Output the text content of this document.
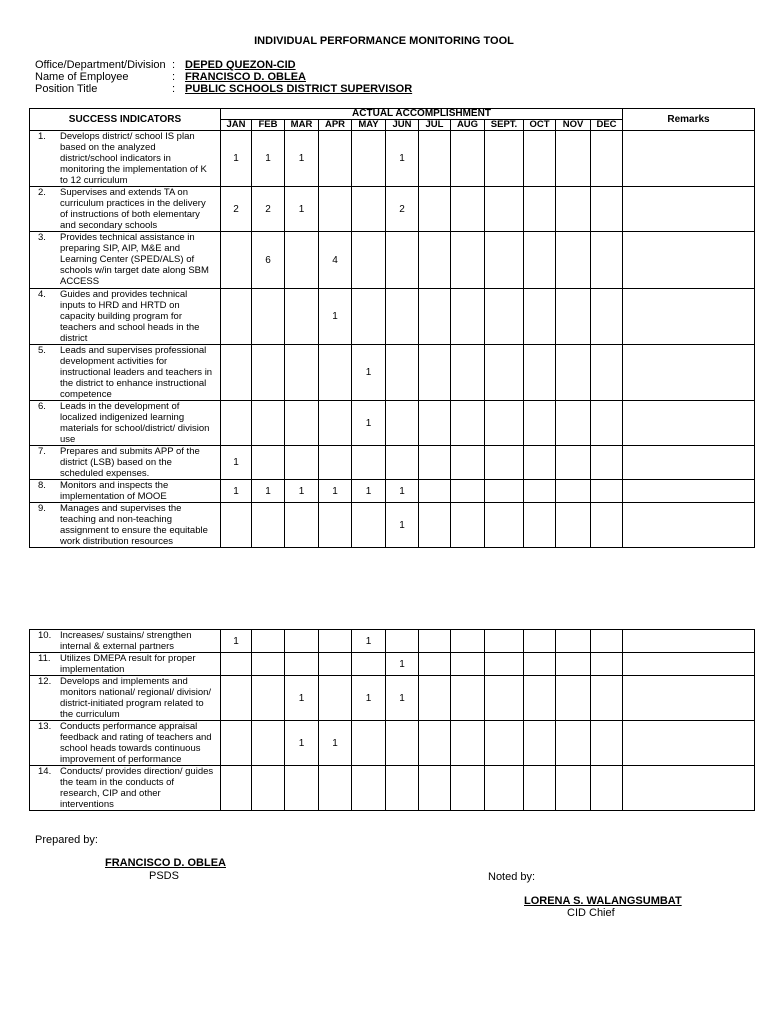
INDIVIDUAL PERFORMANCE MONITORING TOOL
Office/Department/Division : DEPED QUEZON-CID
Name of Employee	: FRANCISCO D. OBLEA
Position Title	: PUBLIC SCHOOLS DISTRICT SUPERVISOR
SUCCESS INDICATORS	ACTUAL ACCOMPLISHMENT												Remarks
	JAN	FEB	MAR	APR	MAY	JUN	JUL	AUG	SEPT.	OCT	NOV	DEC	
1. Develops district/ school IS plan based on the analyzed district/school indicators in monitoring the implementation of K to 12 curriculum	1	1	1			1							
2. Supervises and extends TA on curriculum practices in the delivery of instructions of both elementary and secondary schools	2	2	1			2							
3. Provides technical assistance in preparing SIP, AIP, M&E and Learning Center (SPED/ALS) of schools w/in target date along SBM ACCESS		6		4									
4. Guides and provides technical inputs to HRD and HRTD on capacity building program for teachers and school heads in the district				1									
5. Leads and supervises professional development activities for instructional leaders and teachers in the district to enhance instructional competence					1								
6. Leads in the development of localized indigenized learning materials for school/district/ division use					1								
7. Prepares and submits APP of the district (LSB) based on the scheduled expenses.	1												
8. Monitors and inspects the implementation of MOOE	1	1	1	1	1	1							
9. Manages and supervises the teaching and non-teaching assignment to ensure the equitable work distribution resources						1							
10. Increases/ sustains/ strengthen internal & external partners	1				1								
11. Utilizes DMEPA result for proper implementation						1							
12. Develops and implements and monitors national/ regional/ division/ district-initiated program related to the curriculum			1		1	1							
13. Conducts performance appraisal feedback and rating of teachers and school heads towards continuous improvement of performance			1	1									
14. Conducts/ provides direction/ guides the team in the conducts of research, CIP and other interventions													
Prepared by:
FRANCISCO D. OBLEA
PSDS	Noted by:
LORENA S. WALANGSUMBAT
CID Chief
